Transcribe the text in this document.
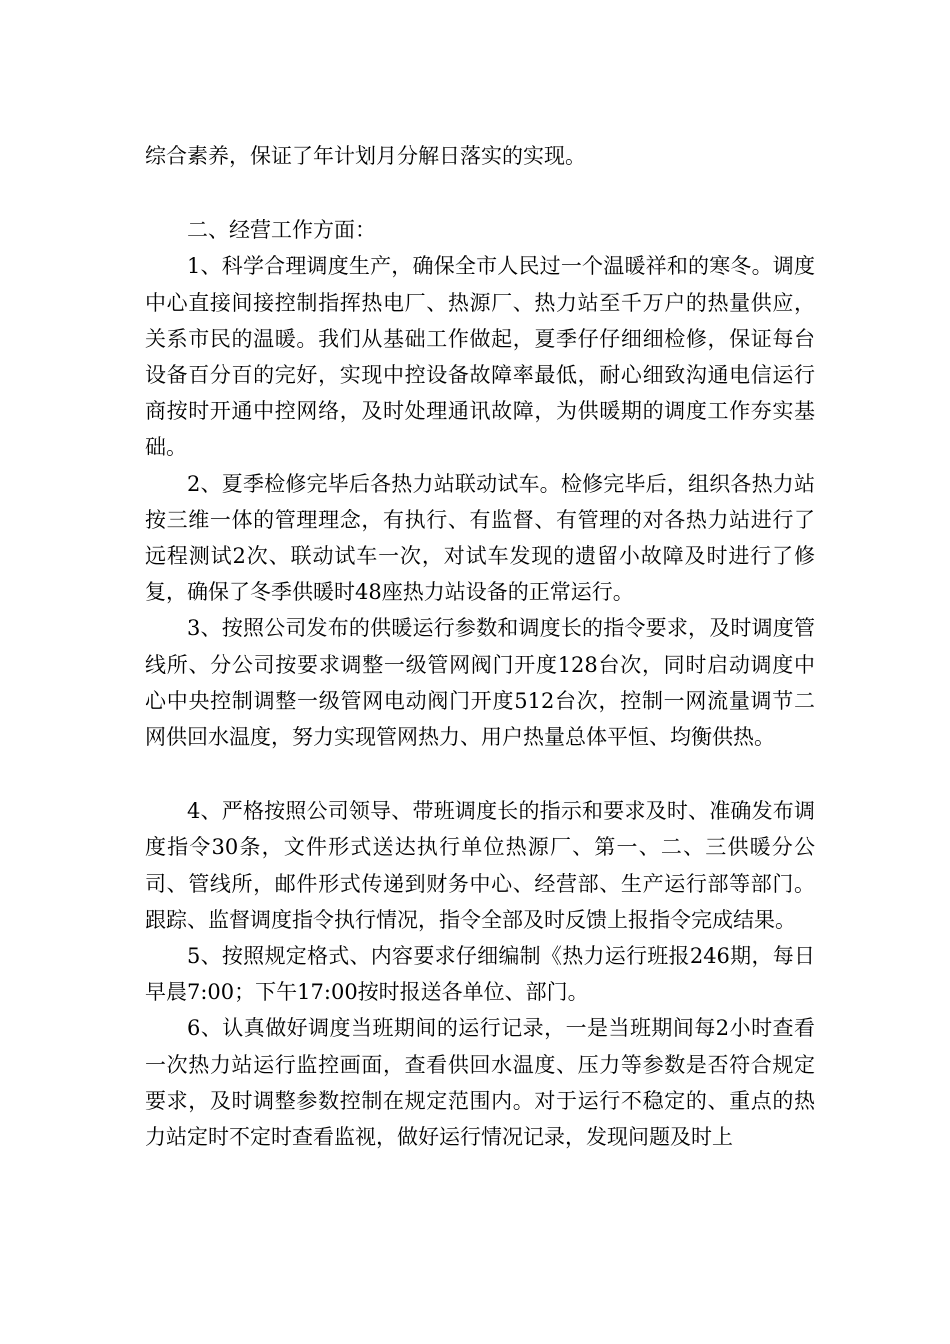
综合素养，保证了年计划月分解日落实的实现。

二、经营工作方面：

1、科学合理调度生产，确保全市人民过一个温暖祥和的寒冬。调度中心直接间接控制指挥热电厂、热源厂、热力站至千万户的热量供应，关系市民的温暖。我们从基础工作做起，夏季仔仔细细检修，保证每台设备百分百的完好，实现中控设备故障率最低，耐心细致沟通电信运行商按时开通中控网络，及时处理通讯故障，为供暖期的调度工作夯实基础。

2、夏季检修完毕后各热力站联动试车。检修完毕后，组织各热力站按三维一体的管理理念，有执行、有监督、有管理的对各热力站进行了远程测试2次、联动试车一次，对试车发现的遗留小故障及时进行了修复，确保了冬季供暖时48座热力站设备的正常运行。

3、按照公司发布的供暖运行参数和调度长的指令要求，及时调度管线所、分公司按要求调整一级管网阀门开度128台次，同时启动调度中心中央控制调整一级管网电动阀门开度512台次，控制一网流量调节二网供回水温度，努力实现管网热力、用户热量总体平恒、均衡供热。

4、严格按照公司领导、带班调度长的指示和要求及时、准确发布调度指令30条，文件形式送达执行单位热源厂、第一、二、三供暖分公司、管线所，邮件形式传递到财务中心、经营部、生产运行部等部门。跟踪、监督调度指令执行情况，指令全部及时反馈上报指令完成结果。

5、按照规定格式、内容要求仔细编制《热力运行班报246期，每日早晨7:00；下午17:00按时报送各单位、部门。

6、认真做好调度当班期间的运行记录，一是当班期间每2小时查看一次热力站运行监控画面，查看供回水温度、压力等参数是否符合规定要求，及时调整参数控制在规定范围内。对于运行不稳定的、重点的热力站定时不定时查看监视，做好运行情况记录，发现问题及时上
